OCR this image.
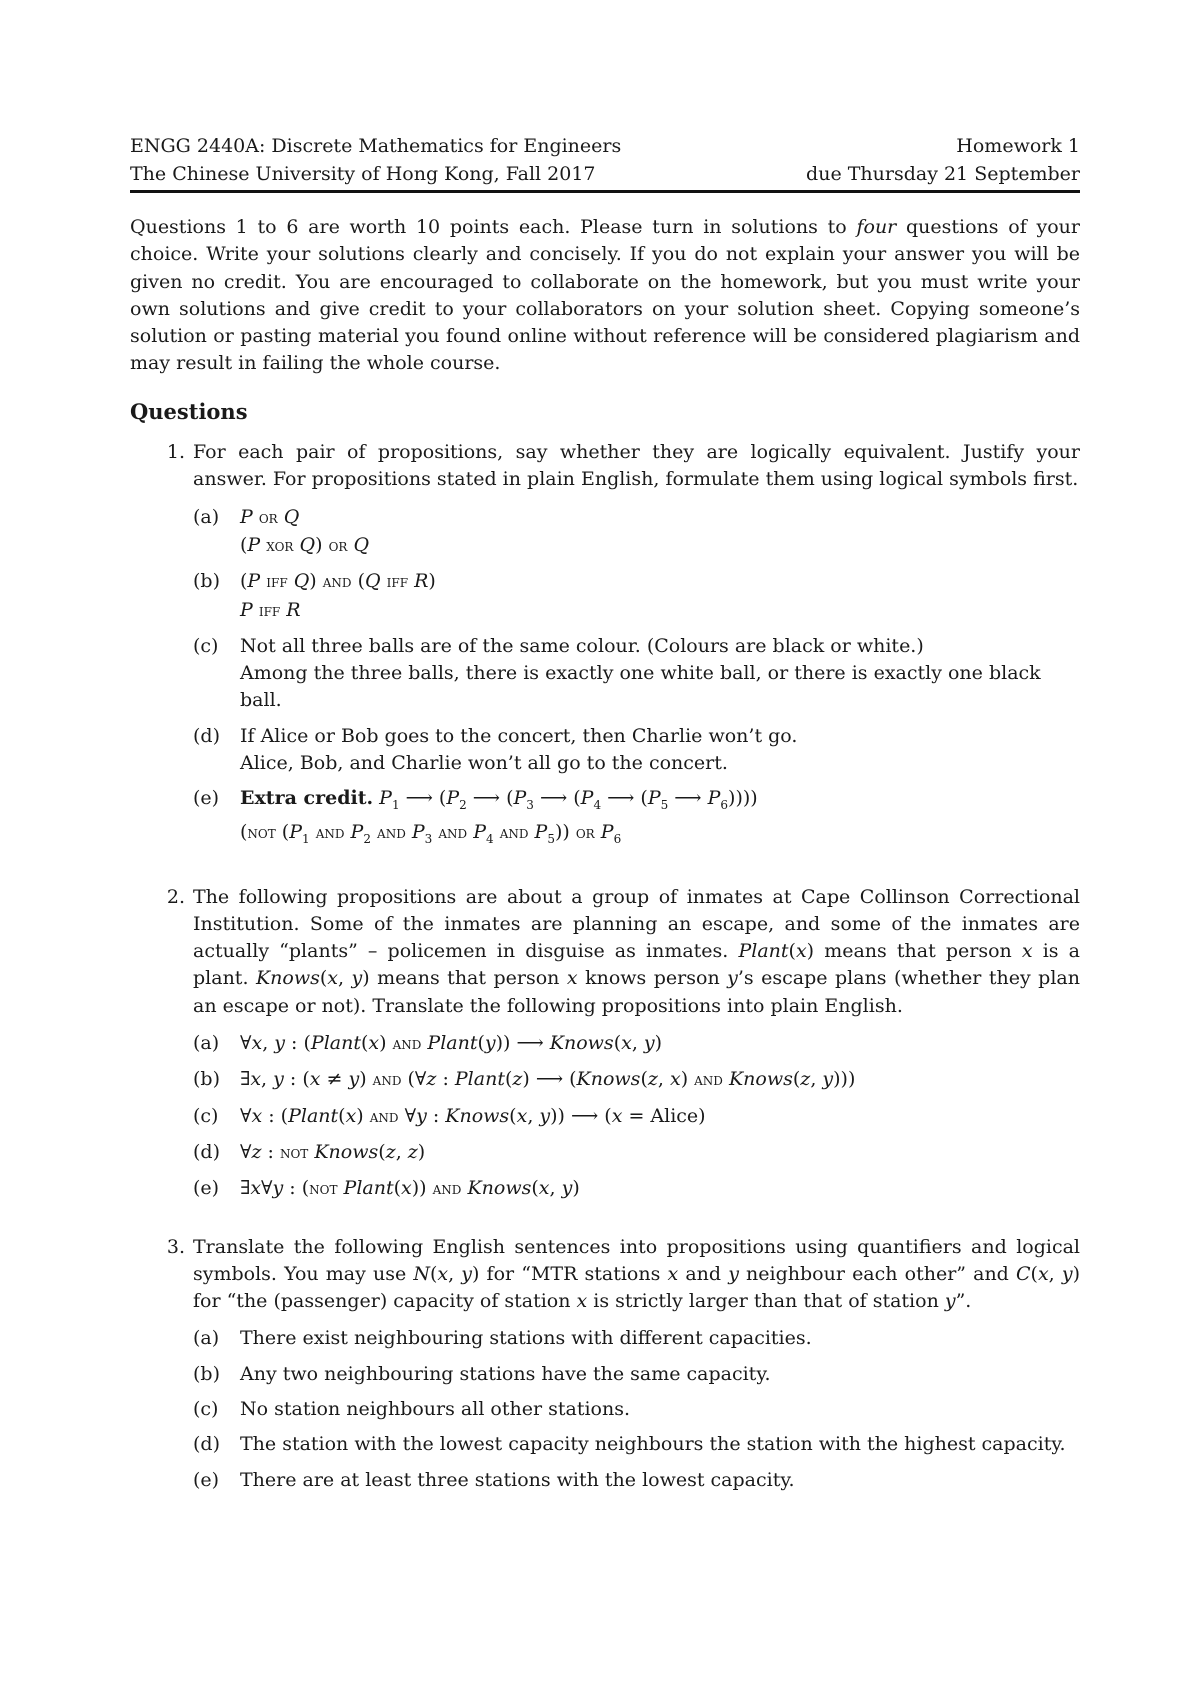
ENGG 2440A: Discrete Mathematics for Engineers	Homework 1
The Chinese University of Hong Kong, Fall 2017	due Thursday 21 September

Questions 1 to 6 are worth 10 points each. Please turn in solutions to four questions of your choice. Write your solutions clearly and concisely. If you do not explain your answer you will be given no credit. You are encouraged to collaborate on the homework, but you must write your own solutions and give credit to your collaborators on your solution sheet. Copying someone’s solution or pasting material you found online without reference will be considered plagiarism and may result in failing the whole course.

Questions
1. For each pair of propositions, say whether they are logically equivalent. Justify your answer. For propositions stated in plain English, formulate them using logical symbols first.

(a)	P or Q
(P xor Q) or Q
(b)	(P iff Q) and (Q iff R)
P iff R
(c)	Not all three balls are of the same colour. (Colours are black or white.)
Among the three balls, there is exactly one white ball, or there is exactly one black ball.
(d)	If Alice or Bob goes to the concert, then Charlie won’t go.
Alice, Bob, and Charlie won’t all go to the concert.
(e)	Extra credit. $P_1$ ⟶ ($P_2$ ⟶ ($P_3$ ⟶ ($P_4$ ⟶ ($P_5$ ⟶ $P_6$))))
(not ($P_1$ and $P_2$ and $P_3$ and $P_4$ and $P_5$)) or $P_6$
2. The following propositions are about a group of inmates at Cape Collinson Correctional Institution. Some of the inmates are planning an escape, and some of the inmates are actually “plants” – policemen in disguise as inmates. Plant(x) means that person x is a plant. Knows(x, y) means that person x knows person y’s escape plans (whether they plan an escape or not). Translate the following propositions into plain English.

(a)	∀x, y : (Plant(x) and Plant(y)) ⟶ Knows(x, y)
(b)	∃x, y : (x ≠ y) and (∀z : Plant(z) ⟶ (Knows(z, x) and Knows(z, y)))
(c)	∀x : (Plant(x) and ∀y : Knows(x, y)) ⟶ (x = Alice)
(d)	∀z : not Knows(z, z)
(e)	∃x∀y : (not Plant(x)) and Knows(x, y)
3. Translate the following English sentences into propositions using quantifiers and logical symbols. You may use N(x, y) for “MTR stations x and y neighbour each other” and C(x, y) for “the (passenger) capacity of station x is strictly larger than that of station y”.

(a)	There exist neighbouring stations with different capacities.
(b)	Any two neighbouring stations have the same capacity.
(c)	No station neighbours all other stations.
(d)	The station with the lowest capacity neighbours the station with the highest capacity.
(e)	There are at least three stations with the lowest capacity.
